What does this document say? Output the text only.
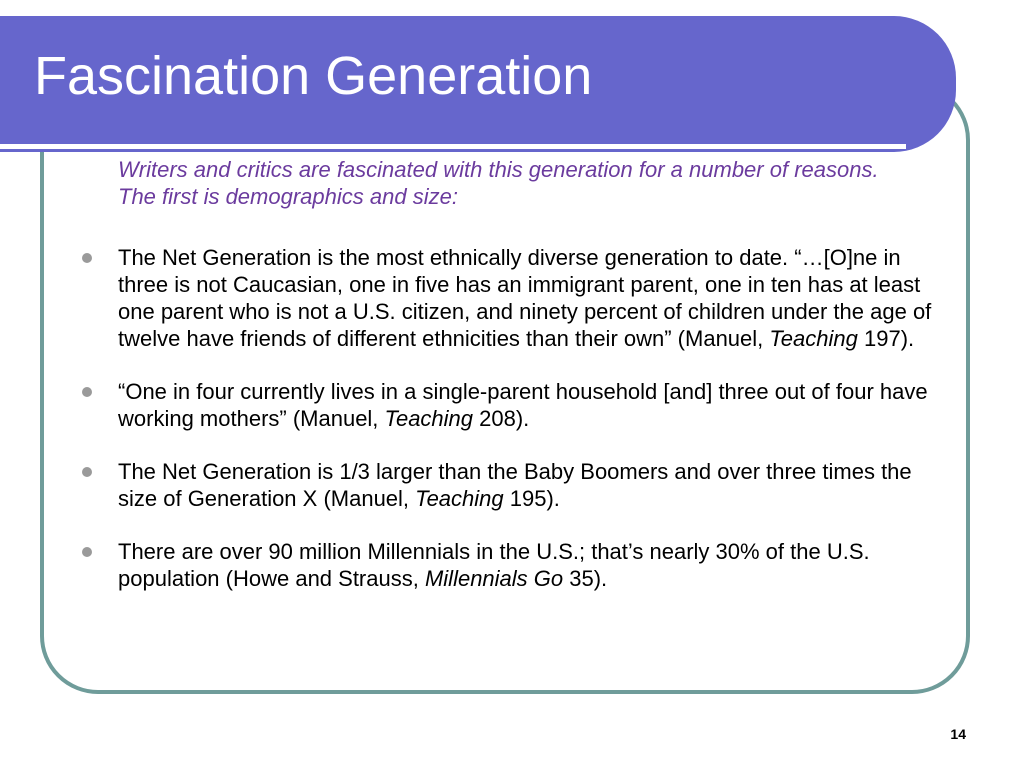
Fascination Generation

Writers and critics are fascinated with this generation for a number of reasons. The first is demographics and size:

The Net Generation is the most ethnically diverse generation to date. “…[O]ne in three is not Caucasian, one in five has an immigrant parent, one in ten has at least one parent who is not a U.S. citizen, and ninety percent of children under the age of twelve have friends of different ethnicities than their own” (Manuel, Teaching 197).
“One in four currently lives in a single-parent household [and] three out of four have working mothers” (Manuel, Teaching 208).
The Net Generation is 1/3 larger than the Baby Boomers and over three times the size of Generation X (Manuel, Teaching 195).
There are over 90 million Millennials in the U.S.; that’s nearly 30% of the U.S. population (Howe and Strauss, Millennials Go 35).
14
